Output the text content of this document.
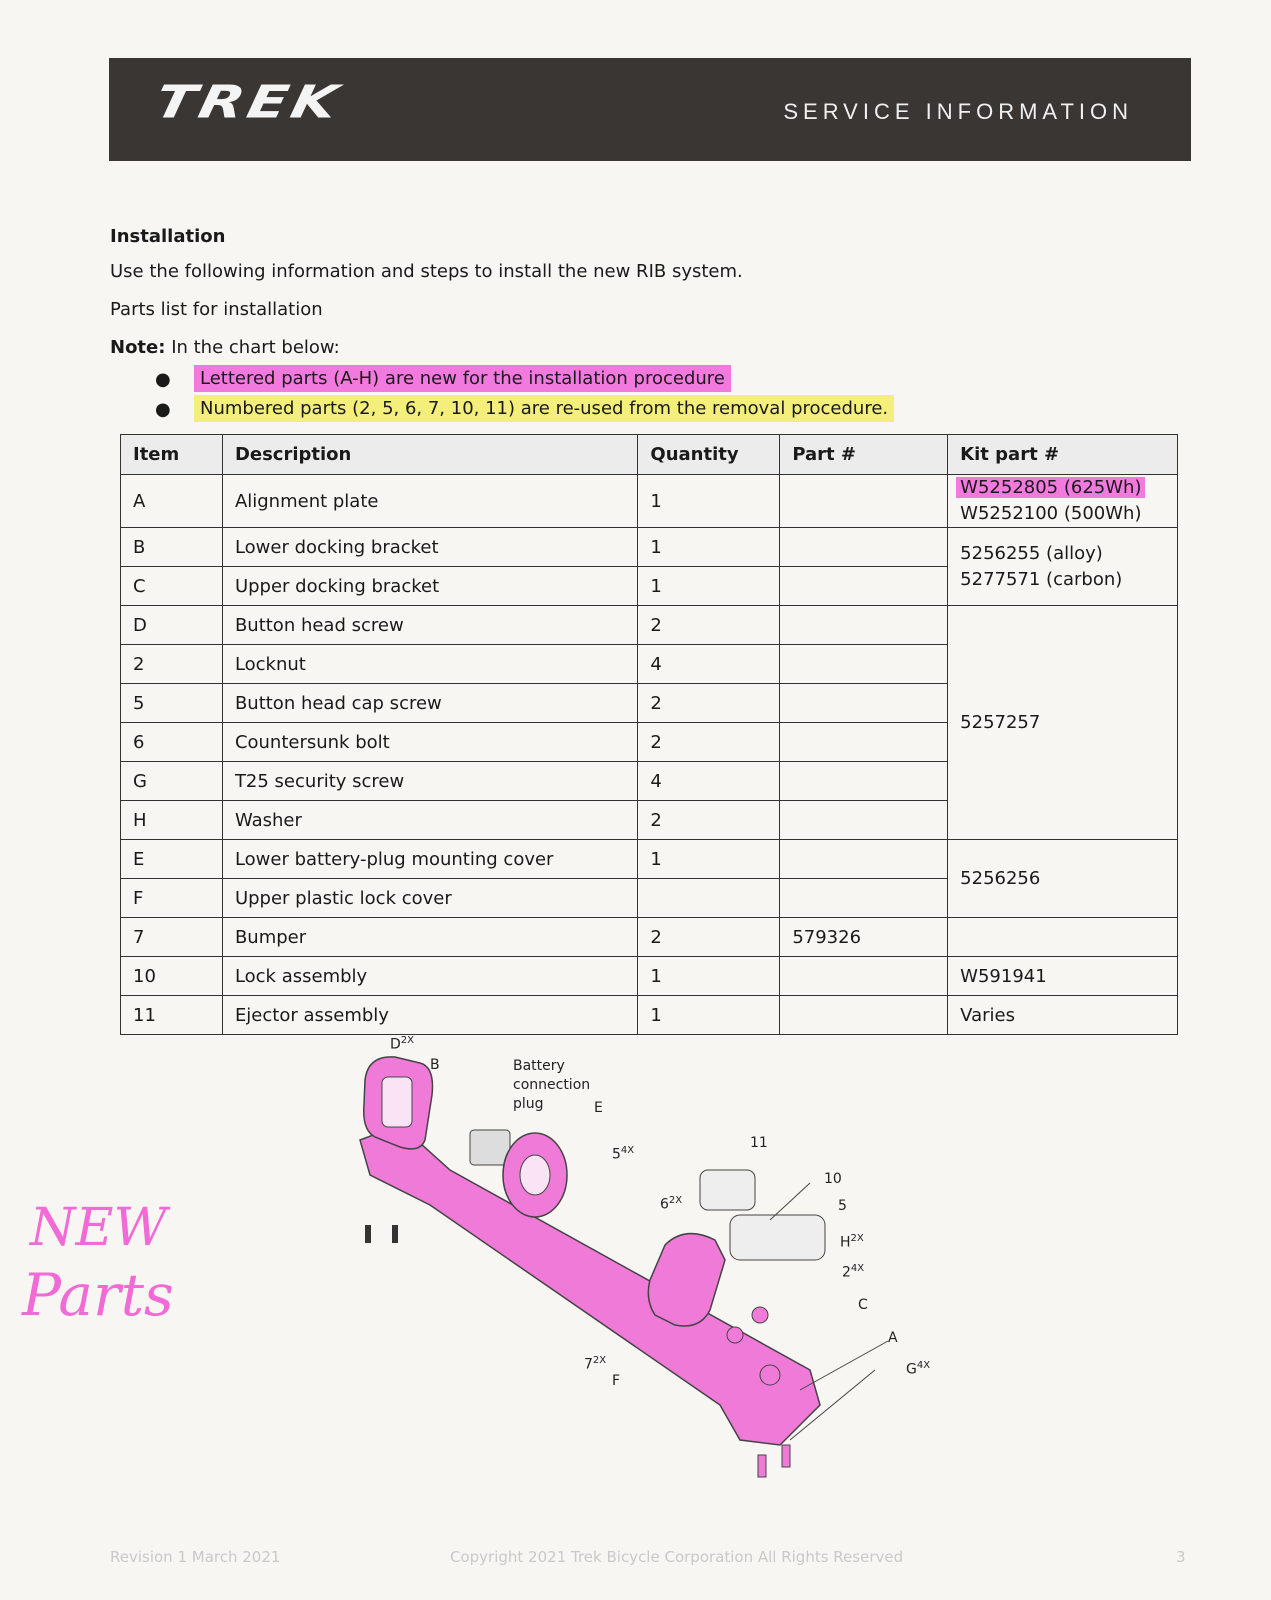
TREK	SERVICE INFORMATION
Installation
Use the following information and steps to install the new RIB system.
Parts list for installation
Note: In the chart below:
●	Lettered parts (A-H) are new for the installation procedure
●	Numbered parts (2, 5, 6, 7, 10, 11) are re-used from the removal procedure.
Item	Description	Quantity	Part #	Kit part #
A	Alignment plate	1		W5252805 (625Wh)
W5252100 (500Wh)
B	Lower docking bracket	1		5256255 (alloy)
5277571 (carbon)
C	Upper docking bracket	1		
D	Button head screw	2		5257257
2	Locknut	4		
5	Button head cap screw	2		
6	Countersunk bolt	2		
G	T25 security screw	4		
H	Washer	2		
E	Lower battery-plug mounting cover	1		5256256
F	Upper plastic lock cover			
7	Bumper	2	579326	
10	Lock assembly	1		W591941
11	Ejector assembly	1		Varies
$D^{2X}$
B	Battery
connection
plug	E
$5^{4X}$	11
10
$6^{2X}$	5
$H^{2X}$
$2^{4X}$
C
A
$G^{4X}$
$7^{2X}$
F
NEW
Parts
Revision 1 March 2021	Copyright 2021 Trek Bicycle Corporation All Rights Reserved	3
